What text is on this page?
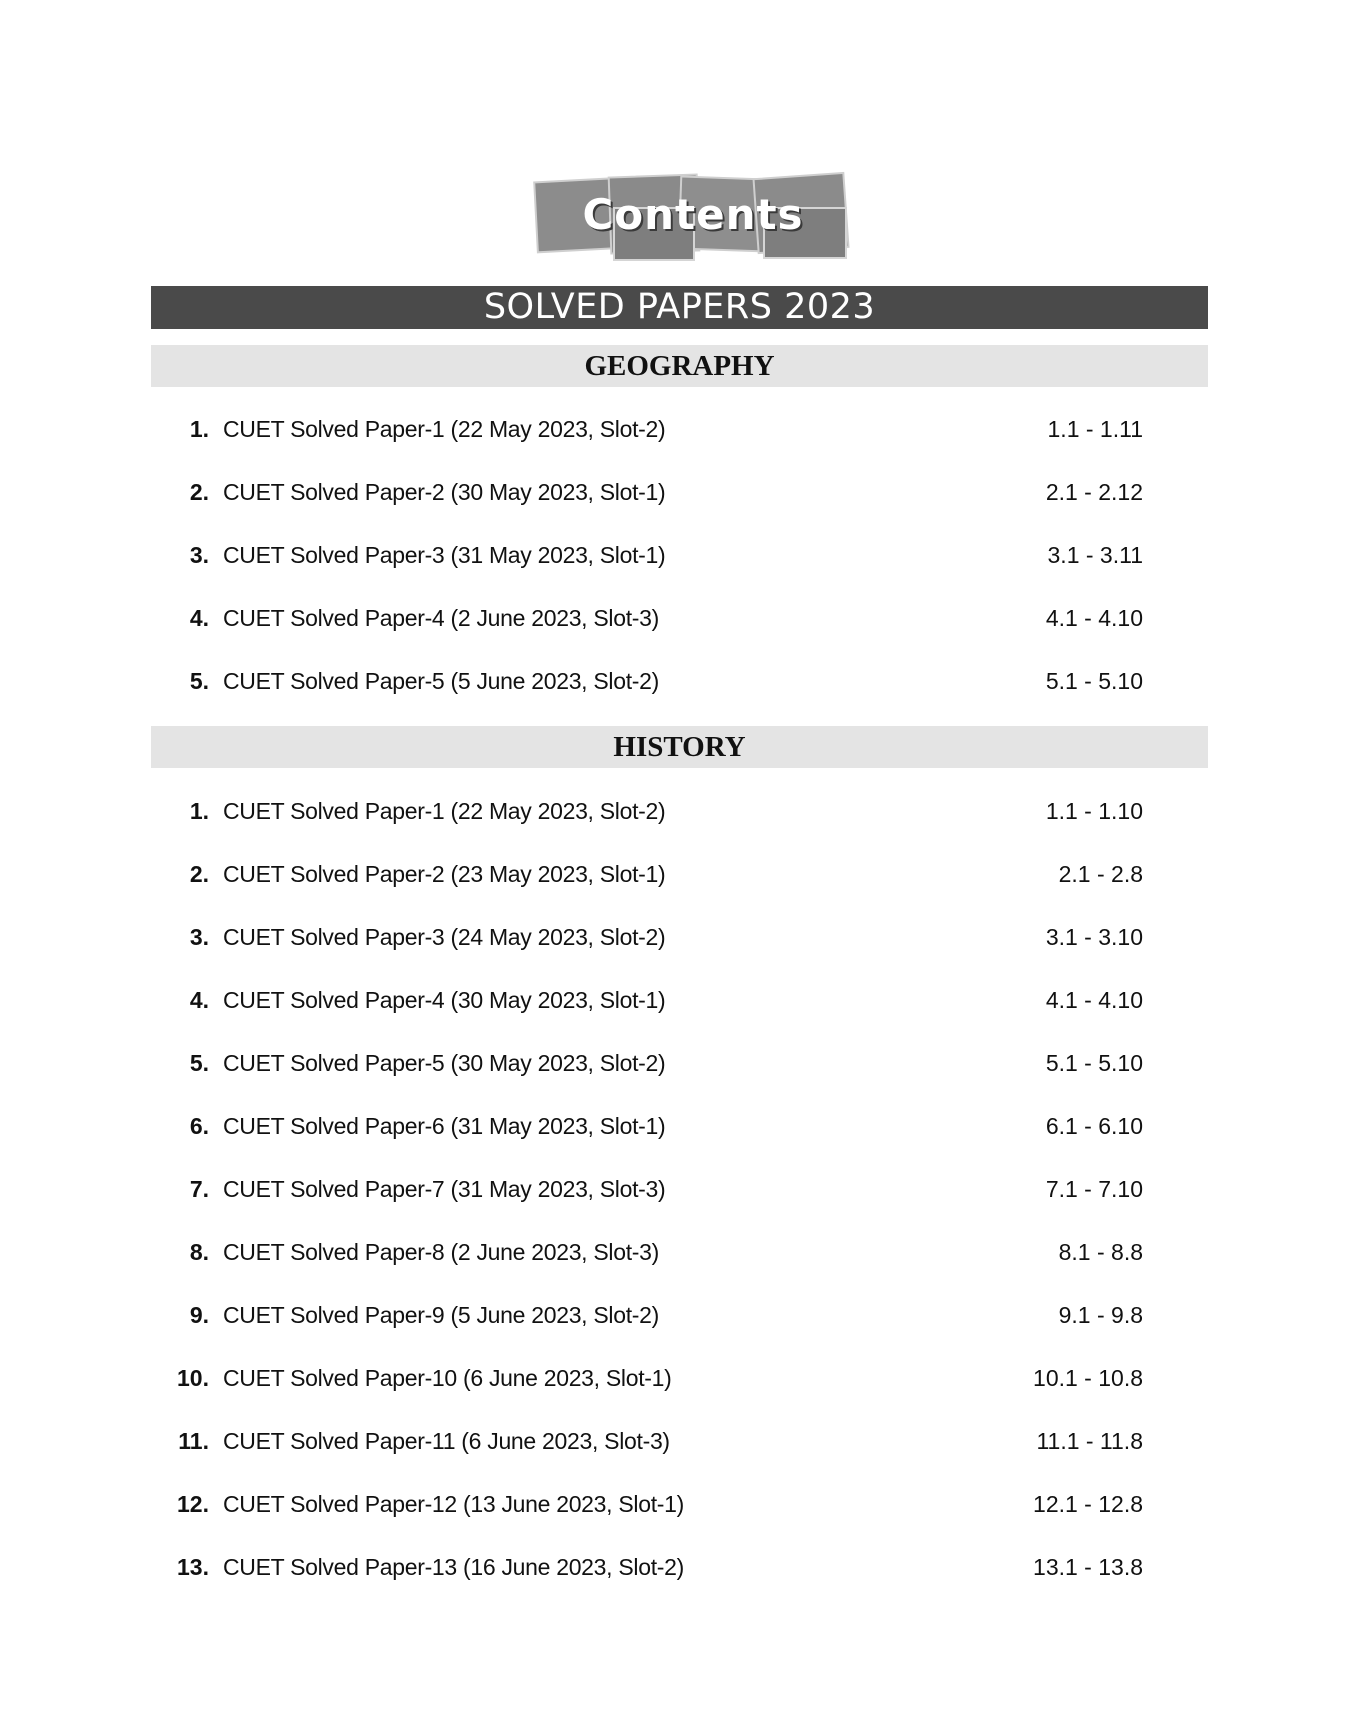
Contents
SOLVED PAPERS 2023
GEOGRAPHY
1. CUET Solved Paper-1 (22 May 2023, Slot-2)	1.1 - 1.11
2. CUET Solved Paper-2 (30 May 2023, Slot-1)	2.1 - 2.12
3. CUET Solved Paper-3 (31 May 2023, Slot-1)	3.1 - 3.11
4. CUET Solved Paper-4 (2 June 2023, Slot-3)	4.1 - 4.10
5. CUET Solved Paper-5 (5 June 2023, Slot-2)	5.1 - 5.10
HISTORY
1. CUET Solved Paper-1 (22 May 2023, Slot-2)	1.1 - 1.10
2. CUET Solved Paper-2 (23 May 2023, Slot-1)	2.1 - 2.8
3. CUET Solved Paper-3 (24 May 2023, Slot-2)	3.1 - 3.10
4. CUET Solved Paper-4 (30 May 2023, Slot-1)	4.1 - 4.10
5. CUET Solved Paper-5 (30 May 2023, Slot-2)	5.1 - 5.10
6. CUET Solved Paper-6 (31 May 2023, Slot-1)	6.1 - 6.10
7. CUET Solved Paper-7 (31 May 2023, Slot-3)	7.1 - 7.10
8. CUET Solved Paper-8 (2 June 2023, Slot-3)	8.1 - 8.8
9. CUET Solved Paper-9 (5 June 2023, Slot-2)	9.1 - 9.8
10. CUET Solved Paper-10 (6 June 2023, Slot-1)	10.1 - 10.8
11. CUET Solved Paper-11 (6 June 2023, Slot-3)	11.1 - 11.8
12. CUET Solved Paper-12 (13 June 2023, Slot-1)	12.1 - 12.8
13. CUET Solved Paper-13 (16 June 2023, Slot-2)	13.1 - 13.8
